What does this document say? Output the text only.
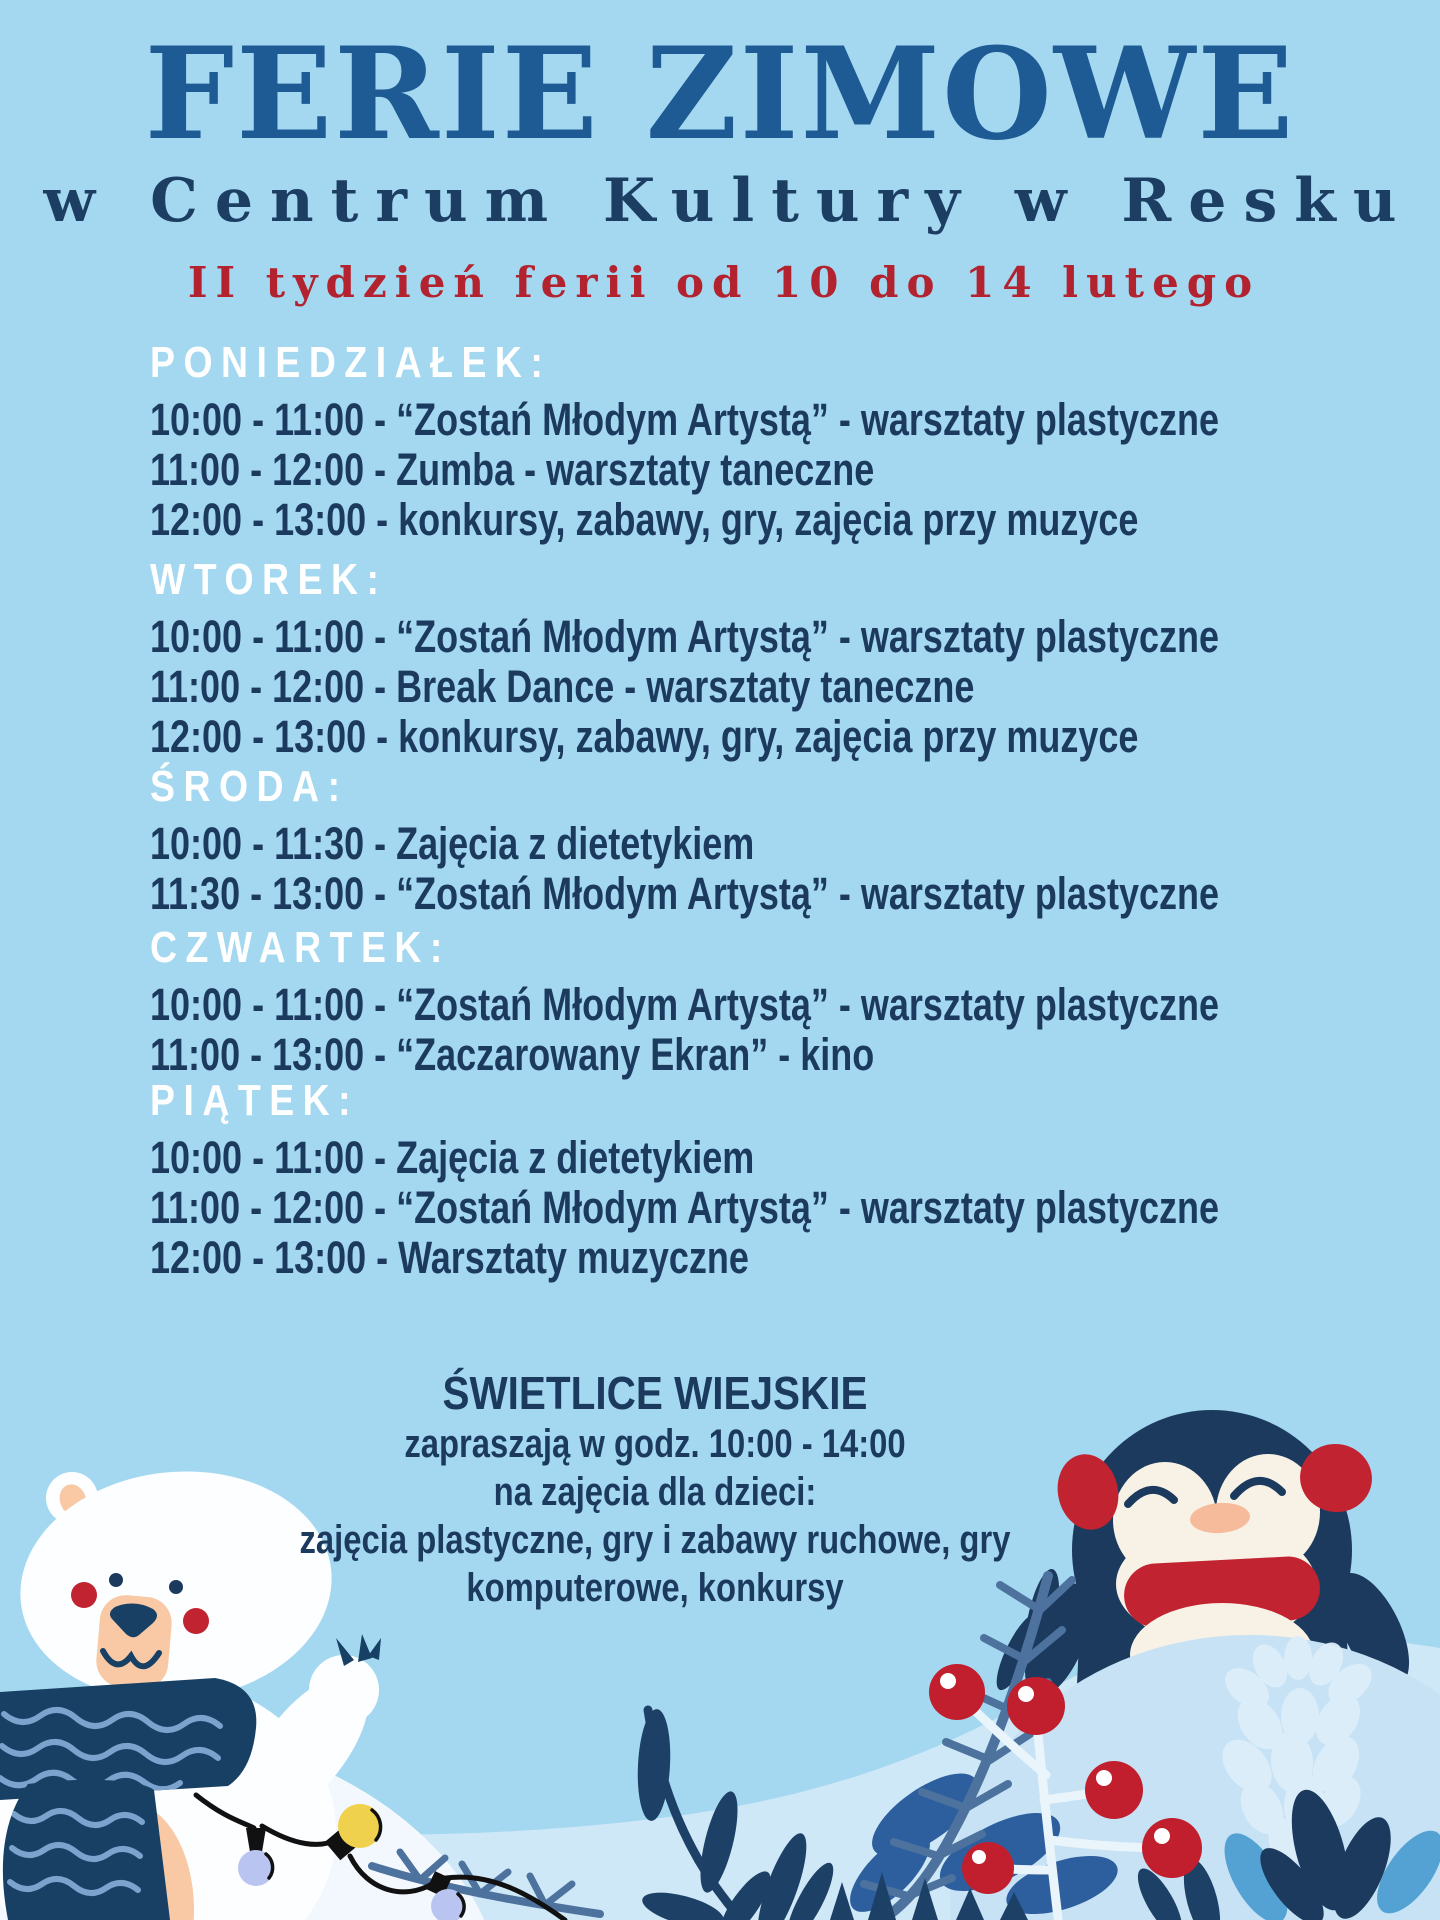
FERIE ZIMOWE
w Centrum Kultury w Resku
II tydzień ferii od 10 do 14 lutego
PONIEDZIAŁEK:
10:00 - 11:00 - “Zostań Młodym Artystą” - warsztaty plastyczne
11:00 - 12:00 - Zumba - warsztaty taneczne
12:00 - 13:00 - konkursy, zabawy, gry, zajęcia przy muzyce
WTOREK:
10:00 - 11:00 - “Zostań Młodym Artystą” - warsztaty plastyczne
11:00 - 12:00 - Break Dance - warsztaty taneczne
12:00 - 13:00 - konkursy, zabawy, gry, zajęcia przy muzyce
ŚRODA:
10:00 - 11:30 - Zajęcia z dietetykiem
11:30 - 13:00 - “Zostań Młodym Artystą” - warsztaty plastyczne
CZWARTEK:
10:00 - 11:00 - “Zostań Młodym Artystą” - warsztaty plastyczne
11:00 - 13:00 - “Zaczarowany Ekran” - kino
PIĄTEK:
10:00 - 11:00 - Zajęcia z dietetykiem
11:00 - 12:00 - “Zostań Młodym Artystą” - warsztaty plastyczne
12:00 - 13:00 - Warsztaty muzyczne
ŚWIETLICE WIEJSKIE
zapraszają w godz. 10:00 - 14:00
na zajęcia dla dzieci:
zajęcia plastyczne, gry i zabawy ruchowe, gry
komputerowe, konkursy
